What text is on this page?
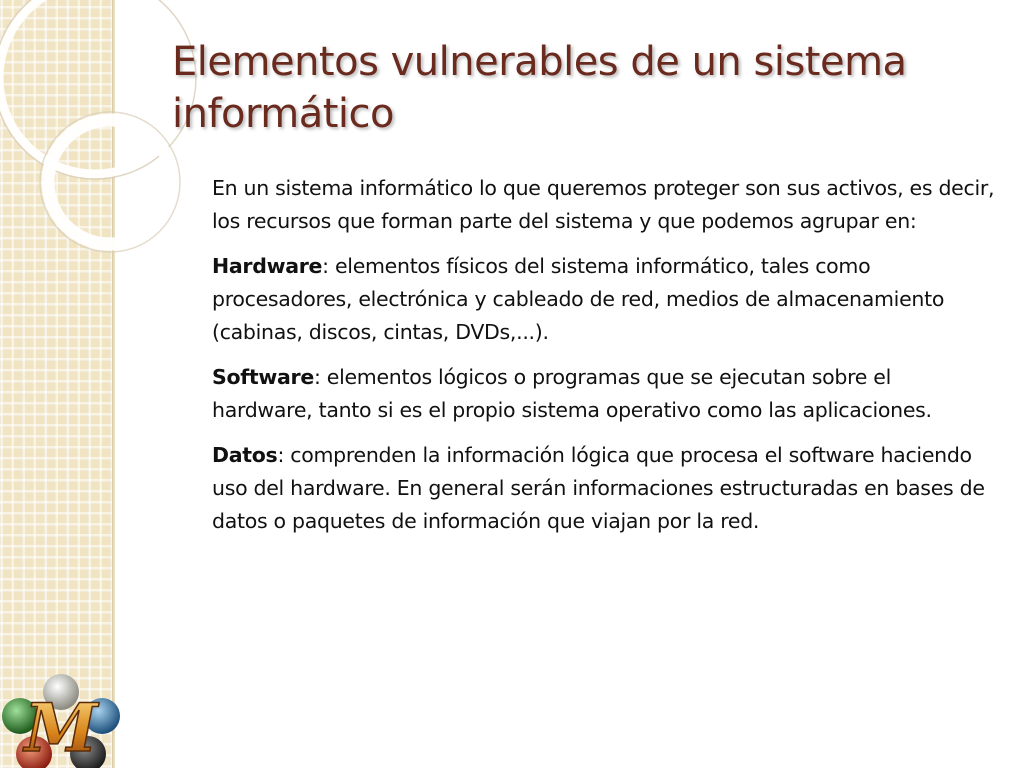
Elementos vulnerables de un sistema informático

En un sistema informático lo que queremos proteger son sus activos, es decir, los recursos que forman parte del sistema y que podemos agrupar en:

Hardware: elementos físicos del sistema informático, tales como procesadores, electrónica y cableado de red, medios de almacenamiento (cabinas, discos, cintas, DVDs,...).

Software: elementos lógicos o programas que se ejecutan sobre el hardware, tanto si es el propio sistema operativo como las aplicaciones.

Datos: comprenden la información lógica que procesa el software haciendo uso del hardware. En general serán informaciones estructuradas en bases de datos o paquetes de información que viajan por la red.

M
